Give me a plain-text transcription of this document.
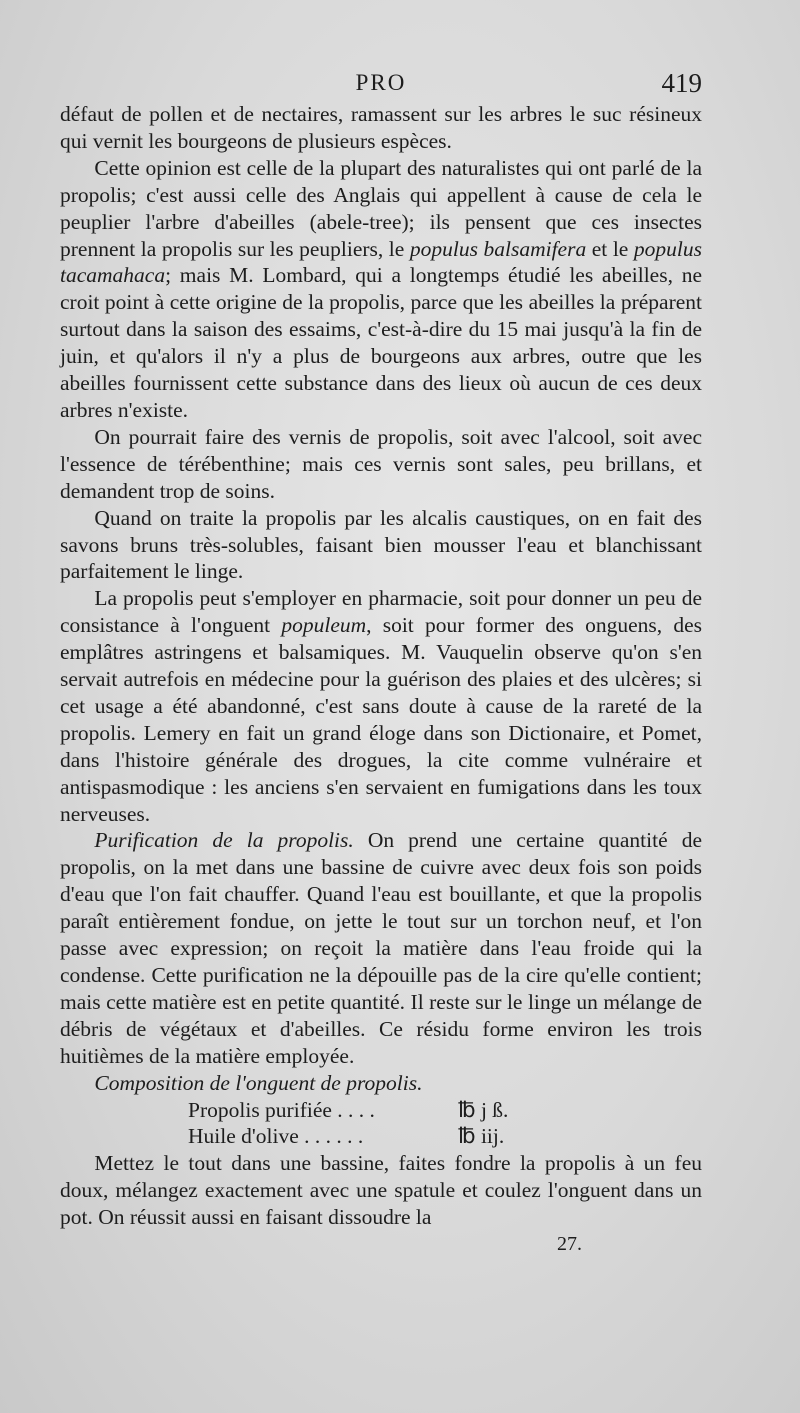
PRO	419

défaut de pollen et de nectaires, ramassent sur les arbres le suc résineux qui vernit les bourgeons de plusieurs espèces.

Cette opinion est celle de la plupart des naturalistes qui ont parlé de la propolis; c'est aussi celle des Anglais qui appellent à cause de cela le peuplier l'arbre d'abeilles (abele-tree); ils pensent que ces insectes prennent la propolis sur les peupliers, le populus balsamifera et le populus tacamahaca; mais M. Lombard, qui a longtemps étudié les abeilles, ne croit point à cette origine de la propolis, parce que les abeilles la préparent surtout dans la saison des essaims, c'est-à-dire du 15 mai jusqu'à la fin de juin, et qu'alors il n'y a plus de bourgeons aux arbres, outre que les abeilles fournissent cette substance dans des lieux où aucun de ces deux arbres n'existe.

On pourrait faire des vernis de propolis, soit avec l'alcool, soit avec l'essence de térébenthine; mais ces vernis sont sales, peu brillans, et demandent trop de soins.

Quand on traite la propolis par les alcalis caustiques, on en fait des savons bruns très-solubles, faisant bien mousser l'eau et blanchissant parfaitement le linge.

La propolis peut s'employer en pharmacie, soit pour donner un peu de consistance à l'onguent populeum, soit pour former des onguens, des emplâtres astringens et balsamiques. M. Vauquelin observe qu'on s'en servait autrefois en médecine pour la guérison des plaies et des ulcères; si cet usage a été abandonné, c'est sans doute à cause de la rareté de la propolis. Lemery en fait un grand éloge dans son Dictionaire, et Pomet, dans l'histoire générale des drogues, la cite comme vulnéraire et antispasmodique : les anciens s'en servaient en fumigations dans les toux nerveuses.

Purification de la propolis. On prend une certaine quantité de propolis, on la met dans une bassine de cuivre avec deux fois son poids d'eau que l'on fait chauffer. Quand l'eau est bouillante, et que la propolis paraît entièrement fondue, on jette le tout sur un torchon neuf, et l'on passe avec expression; on reçoit la matière dans l'eau froide qui la condense. Cette purification ne la dépouille pas de la cire qu'elle contient; mais cette matière est en petite quantité. Il reste sur le linge un mélange de débris de végétaux et d'abeilles. Ce résidu forme environ les trois huitièmes de la matière employée.

Composition de l'onguent de propolis.

Propolis purifiée . . . .	℔ j ß.
Huile d'olive . . . . . .	℔ iij.

Mettez le tout dans une bassine, faites fondre la propolis à un feu doux, mélangez exactement avec une spatule et coulez l'onguent dans un pot. On réussit aussi en faisant dissoudre la

27.
